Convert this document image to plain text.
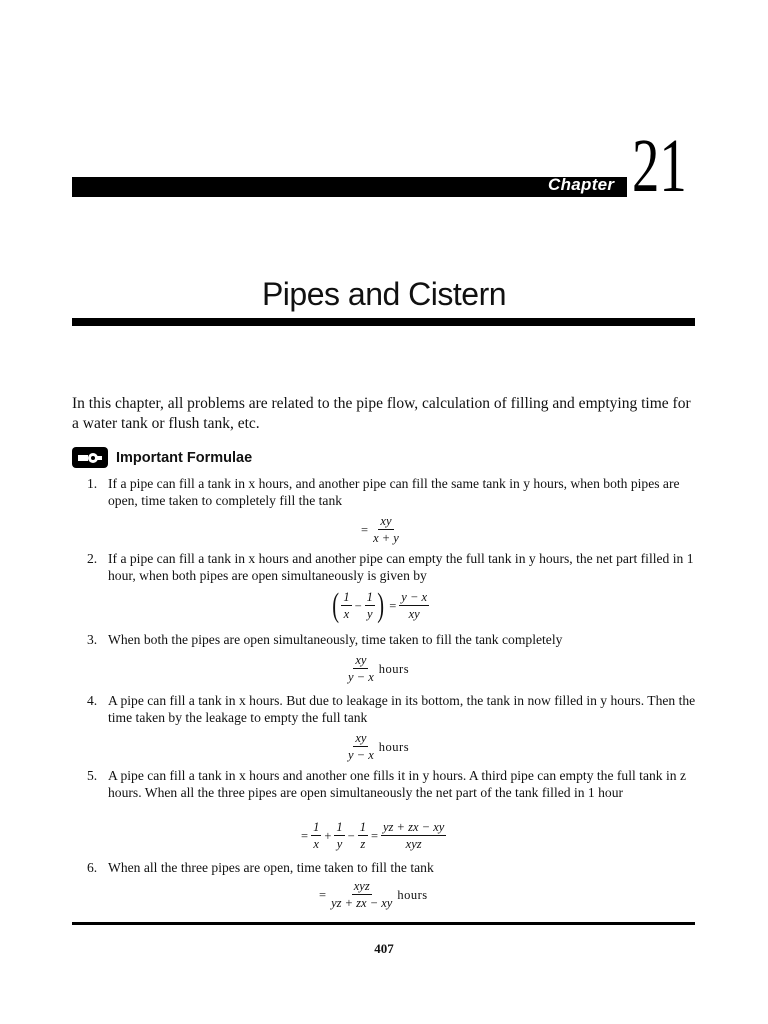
Chapter 21
Pipes and Cistern
In this chapter, all problems are related to the pipe flow, calculation of filling and emptying time for a water tank or flush tank, etc.
Important Formulae
1. If a pipe can fill a tank in x hours, and another pipe can fill the same tank in y hours, when both pipes are open, time taken to completely fill the tank
= $\frac{xy}{x + y}$
2. If a pipe can fill a tank in x hours and another pipe can empty the full tank in y hours, the net part filled in 1 hour, when both pipes are open simultaneously is given by
( $\frac{1}{x} - \frac{1}{y}$ ) = $\frac{y - x}{xy}$
3. When both the pipes are open simultaneously, time taken to fill the tank completely
$\frac{xy}{y - x}$ hours
4. A pipe can fill a tank in x hours. But due to leakage in its bottom, the tank in now filled in y hours. Then the time taken by the leakage to empty the full tank
$\frac{xy}{y - x}$ hours
5. A pipe can fill a tank in x hours and another one fills it in y hours. A third pipe can empty the full tank in z hours. When all the three pipes are open simultaneously the net part of the tank filled in 1 hour
= $\frac{1}{x} + \frac{1}{y} - \frac{1}{z} = \frac{yz + zx - xy}{\text{xyz}}$
6. When all the three pipes are open, time taken to fill the tank
= $\frac{\text{xyz}}{yz + zx - xy}$ hours
407
